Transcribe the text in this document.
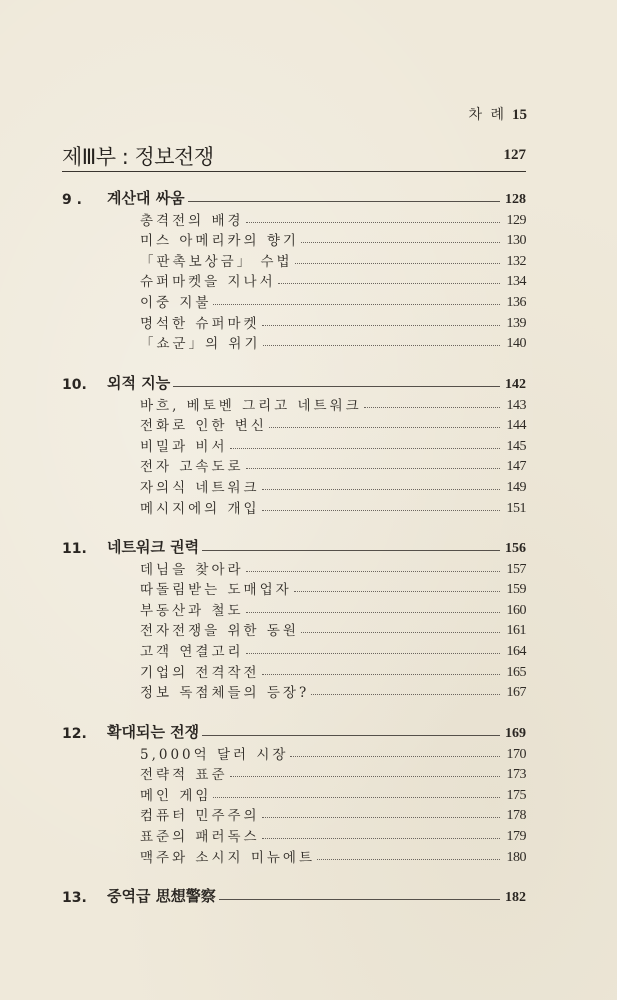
차 례 15
제Ⅲ부 : 정보전쟁	127
9 .	계산대 싸움	128
총격전의 배경	129
미스 아메리카의 향기	130
「판촉보상금」 수법	132
슈퍼마켓을 지나서	134
이중 지불	136
명석한 슈퍼마켓	139
「쇼군」의 위기	140
10.	외적 지능	142
바흐, 베토벤 그리고 네트워크	143
전화로 인한 변신	144
비밀과 비서	145
전자 고속도로	147
자의식 네트워크	149
메시지에의 개입	151
11.	네트워크 권력	156
데님을 찾아라	157
따돌림받는 도매업자	159
부동산과 철도	160
전자전쟁을 위한 동원	161
고객 연결고리	164
기업의 전격작전	165
정보 독점체들의 등장?	167
12.	확대되는 전쟁	169
5,000억 달러 시장	170
전략적 표준	173
메인 게임	175
컴퓨터 민주주의	178
표준의 패러독스	179
맥주와 소시지 미뉴에트	180
13.	중역급 思想警察	182
